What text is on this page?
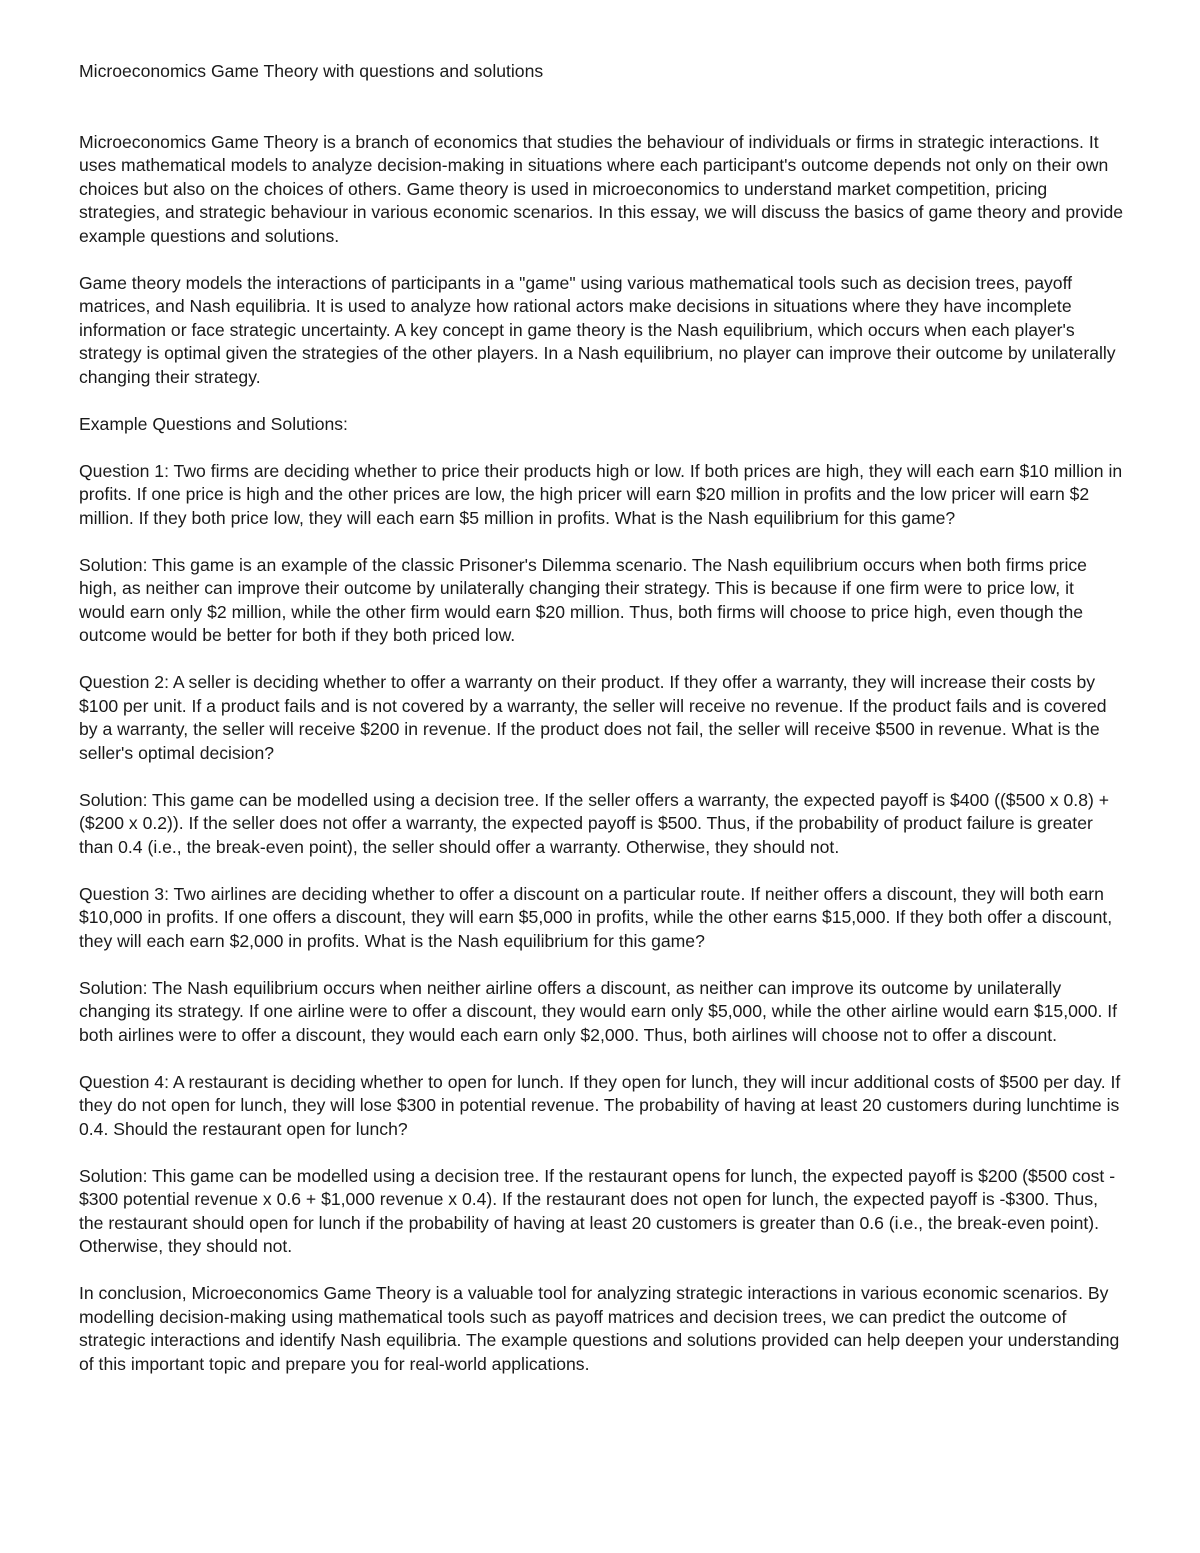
Microeconomics Game Theory with questions and solutions

Microeconomics Game Theory is a branch of economics that studies the behaviour of individuals or firms in strategic interactions. It uses mathematical models to analyze decision-making in situations where each participant's outcome depends not only on their own choices but also on the choices of others. Game theory is used in microeconomics to understand market competition, pricing strategies, and strategic behaviour in various economic scenarios. In this essay, we will discuss the basics of game theory and provide example questions and solutions.

Game theory models the interactions of participants in a "game" using various mathematical tools such as decision trees, payoff matrices, and Nash equilibria. It is used to analyze how rational actors make decisions in situations where they have incomplete information or face strategic uncertainty. A key concept in game theory is the Nash equilibrium, which occurs when each player's strategy is optimal given the strategies of the other players. In a Nash equilibrium, no player can improve their outcome by unilaterally changing their strategy.

Example Questions and Solutions:

Question 1: Two firms are deciding whether to price their products high or low. If both prices are high, they will each earn $10 million in profits. If one price is high and the other prices are low, the high pricer will earn $20 million in profits and the low pricer will earn $2 million. If they both price low, they will each earn $5 million in profits. What is the Nash equilibrium for this game?

Solution: This game is an example of the classic Prisoner's Dilemma scenario. The Nash equilibrium occurs when both firms price high, as neither can improve their outcome by unilaterally changing their strategy. This is because if one firm were to price low, it would earn only $2 million, while the other firm would earn $20 million. Thus, both firms will choose to price high, even though the outcome would be better for both if they both priced low.

Question 2: A seller is deciding whether to offer a warranty on their product. If they offer a warranty, they will increase their costs by $100 per unit. If a product fails and is not covered by a warranty, the seller will receive no revenue. If the product fails and is covered by a warranty, the seller will receive $200 in revenue. If the product does not fail, the seller will receive $500 in revenue. What is the seller's optimal decision?

Solution: This game can be modelled using a decision tree. If the seller offers a warranty, the expected payoff is $400 (($500 x 0.8) + ($200 x 0.2)). If the seller does not offer a warranty, the expected payoff is $500. Thus, if the probability of product failure is greater than 0.4 (i.e., the break-even point), the seller should offer a warranty. Otherwise, they should not.

Question 3: Two airlines are deciding whether to offer a discount on a particular route. If neither offers a discount, they will both earn $10,000 in profits. If one offers a discount, they will earn $5,000 in profits, while the other earns $15,000. If they both offer a discount, they will each earn $2,000 in profits. What is the Nash equilibrium for this game?

Solution: The Nash equilibrium occurs when neither airline offers a discount, as neither can improve its outcome by unilaterally changing its strategy. If one airline were to offer a discount, they would earn only $5,000, while the other airline would earn $15,000. If both airlines were to offer a discount, they would each earn only $2,000. Thus, both airlines will choose not to offer a discount.

Question 4: A restaurant is deciding whether to open for lunch. If they open for lunch, they will incur additional costs of $500 per day. If they do not open for lunch, they will lose $300 in potential revenue. The probability of having at least 20 customers during lunchtime is 0.4. Should the restaurant open for lunch?

Solution: This game can be modelled using a decision tree. If the restaurant opens for lunch, the expected payoff is $200 ($500 cost - $300 potential revenue x 0.6 + $1,000 revenue x 0.4). If the restaurant does not open for lunch, the expected payoff is -$300. Thus, the restaurant should open for lunch if the probability of having at least 20 customers is greater than 0.6 (i.e., the break-even point). Otherwise, they should not.

In conclusion, Microeconomics Game Theory is a valuable tool for analyzing strategic interactions in various economic scenarios. By modelling decision-making using mathematical tools such as payoff matrices and decision trees, we can predict the outcome of strategic interactions and identify Nash equilibria. The example questions and solutions provided can help deepen your understanding of this important topic and prepare you for real-world applications.
